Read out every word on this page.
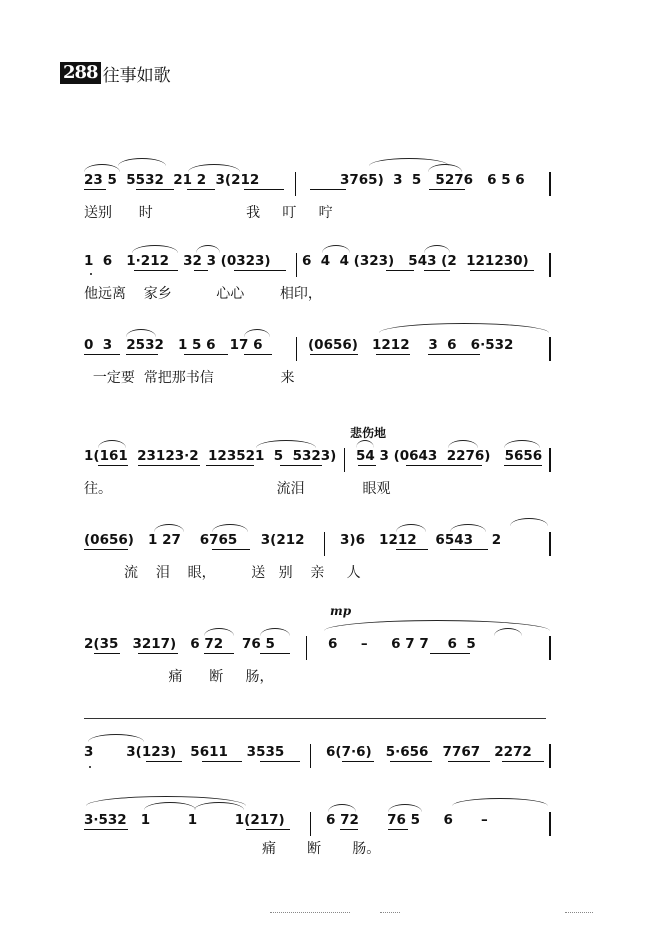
288 往事如歌
23 5  5532  21 2  3(212	3765)  3  5   5276   6 5 6
送别      时                     我     叮     咛
1  6   1·212   32 3 (0323) 6  4  4 (323)   543 (2  121230)
他远离    家乡          心心        相印，
0  3   2532   1 5 6   17 6	(0656)   1212    3  6   6·532
一定要  常把那书信               来
悲伤地
1(161  23123·2  123521  5  5323) 54 3 (0643  2276)   5656
往。                                     流泪             眼观
(0656)   1 27    6765     3(212	3)6   1212    6543    2
流    泪    眼，        送   别    亲     人
mp
2(35   3217)   6 72    76 5	6     –     6 7 7    6  5
痛      断     肠，
3       3(123)   5611    3535	6(7·6)   5·656   7767   2272
3·532   1        1        1(217)	6 72      76 5     6      –
痛       断       肠。
